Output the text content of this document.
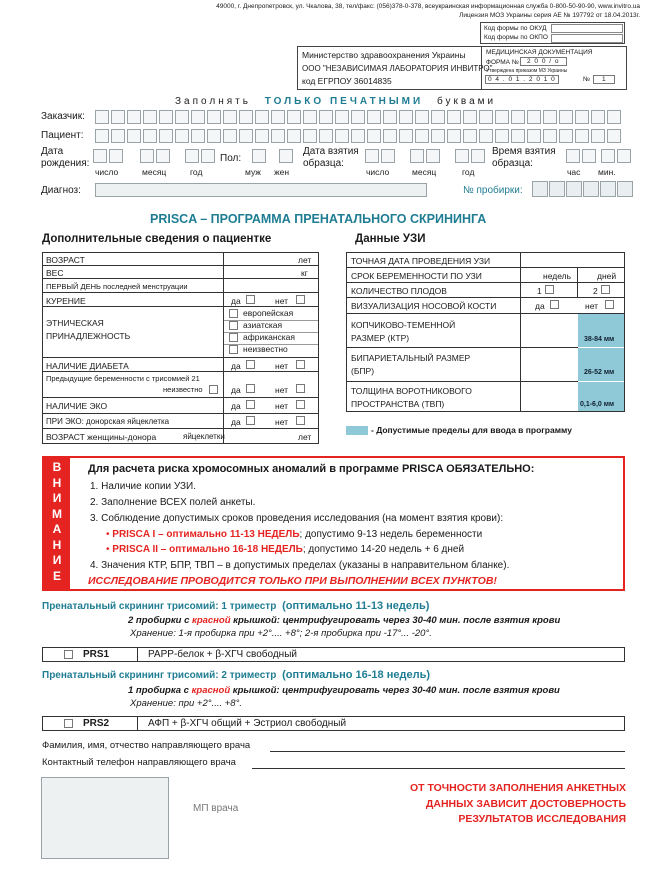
49000, г. Днепропетровск, ул. Чкалова, 38, тел/факс: (056)378-0-378, всеукраинская информационная служба 0-800-50-90-90, www.invitro.ua
Лицензия МОЗ Украины серия АЕ № 197792 от 18.04.2013г.
Код формы по ОКУД
Код формы по ОКПО
Министерство здравоохранения Украины
ООО "НЕЗАВИСИМАЯ ЛАБОРАТОРИЯ ИНВИТРО"
код ЕГРПОУ 36014835
МЕДИЦИНСКАЯ ДОКУМЕНТАЦИЯ
ФОРМА №	2 0 0 / о
Утверждена приказом МЗ Украины
0 4 . 0 1 . 2 0 1 0	№	1
Заполнять ТОЛЬКО ПЕЧАТНЫМИ буквами
Заказчик:
Пациент:
Дата рождения:	Пол:
Дата взятия образца:
Время взятия образца:
Диагноз:	№ пробирки:
число	месяц	год	муж жен	число	месяц	год	час мин.
PRISCA – ПРОГРАММА ПРЕНАТАЛЬНОГО СКРИНИНГА
Дополнительные сведения о пациентке
ВОЗРАСТ	лет
ВЕС	кг
ПЕРВЫЙ ДЕНЬ последней менструации
КУРЕНИЕ	да	нет
ЭТНИЧЕСКАЯ ПРИНАДЛЕЖНОСТЬ
европейская
азиатская
африканская
неизвестно
НАЛИЧИЕ ДИАБЕТА	да	нет
Предыдущие беременности с трисомией 21
неизвестно	да	нет
НАЛИЧИЕ ЭКО	да	нет
ПРИ ЭКО: донорская яйцеклетка	да	нет
ВОЗРАСТ женщины-донора	яйцеклетки	лет
Данные УЗИ
ТОЧНАЯ ДАТА ПРОВЕДЕНИЯ УЗИ
СРОК БЕРЕМЕННОСТИ ПО УЗИ	недель	дней
КОЛИЧЕСТВО ПЛОДОВ	1	2
ВИЗУАЛИЗАЦИЯ НОСОВОЙ КОСТИ	да	нет
КОПЧИКОВО-ТЕМЕННОЙ РАЗМЕР (КТР)	38-84 мм
БИПАРИЕТАЛЬНЫЙ РАЗМЕР (БПР)	26-52 мм
ТОЛЩИНА ВОРОТНИКОВОГО ПРОСТРАНСТВА (ТВП)	0,1-6,0 мм
- Допустимые пределы для ввода в программу
В
Н
И
М
А
Н
И
Е
Для расчета риска хромосомных аномалий в программе PRISCA ОБЯЗАТЕЛЬНО:
1. Наличие копии УЗИ.
2. Заполнение ВСЕХ полей анкеты.
3. Соблюдение допустимых сроков проведения исследования (на момент взятия крови):
• PRISCA I – оптимально 11-13 НЕДЕЛЬ; допустимо 9-13 недель беременности
• PRISCA II – оптимально 16-18 НЕДЕЛЬ; допустимо 14-20 недель + 6 дней
4. Значения КТР, БПР, ТВП – в допустимых пределах (указаны в направительном бланке).
ИССЛЕДОВАНИЕ ПРОВОДИТСЯ ТОЛЬКО ПРИ ВЫПОЛНЕНИИ ВСЕХ ПУНКТОВ!
Пренатальный скрининг трисомий: 1 триместр (оптимально 11-13 недель)
2 пробирки с красной крышкой: центрифугировать через 30-40 мин. после взятия крови
Хранение: 1-я пробирка при +2°.... +8°; 2-я пробирка при -17°... -20°.
PRS1	PAPP-белок + β-ХГЧ свободный
Пренатальный скрининг трисомий: 2 триместр (оптимально 16-18 недель)
1 пробирка с красной крышкой: центрифугировать через 30-40 мин. после взятия крови
Хранение: при +2°.... +8°.
PRS2	АФП + β-ХГЧ общий + Эстриол свободный
Фамилия, имя, отчество направляющего врача
Контактный телефон направляющего врача
МП врача
ОТ ТОЧНОСТИ ЗАПОЛНЕНИЯ АНКЕТНЫХ
ДАННЫХ ЗАВИСИТ ДОСТОВЕРНОСТЬ
РЕЗУЛЬТАТОВ ИССЛЕДОВАНИЯ
